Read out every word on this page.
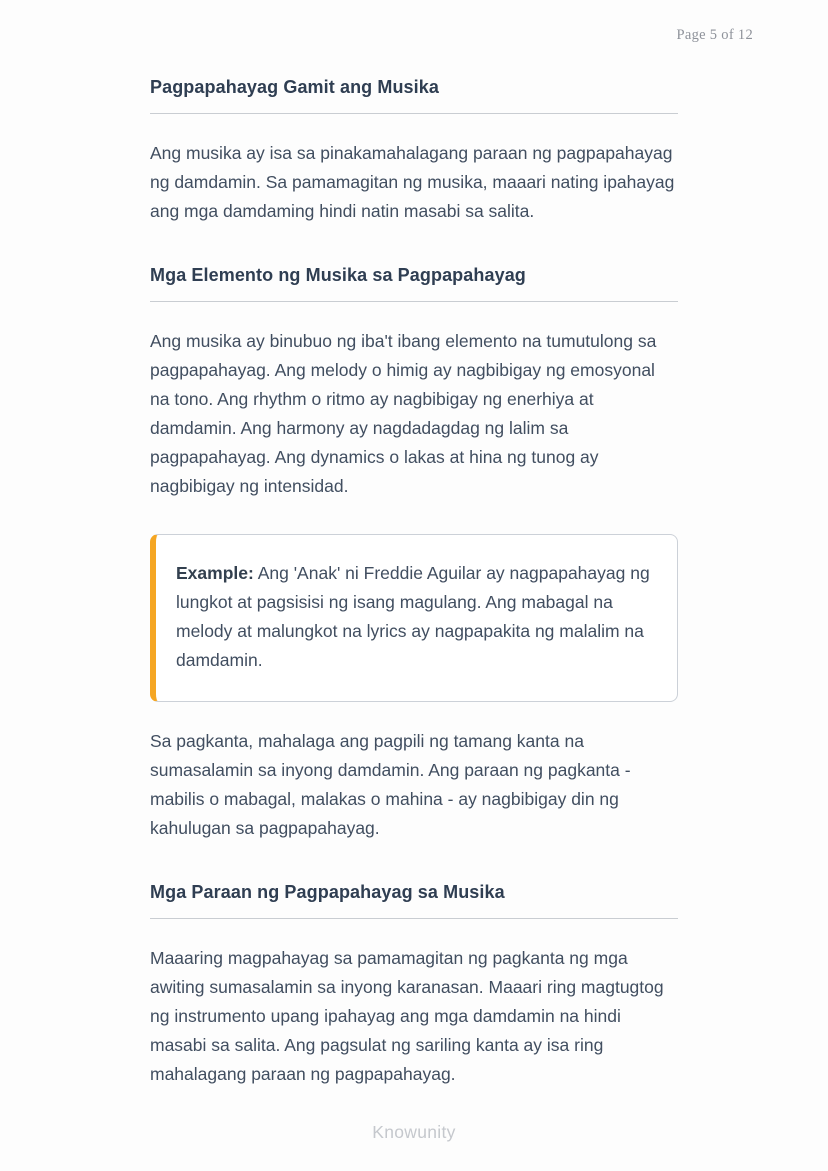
Page 5 of 12
Pagpapahayag Gamit ang Musika

Ang musika ay isa sa pinakamahalagang paraan ng pagpapahayag ng damdamin. Sa pamamagitan ng musika, maaari nating ipahayag ang mga damdaming hindi natin masabi sa salita.

Mga Elemento ng Musika sa Pagpapahayag

Ang musika ay binubuo ng iba't ibang elemento na tumutulong sa pagpapahayag. Ang melody o himig ay nagbibigay ng emosyonal na tono. Ang rhythm o ritmo ay nagbibigay ng enerhiya at damdamin. Ang harmony ay nagdadagdag ng lalim sa pagpapahayag. Ang dynamics o lakas at hina ng tunog ay nagbibigay ng intensidad.

Example: Ang 'Anak' ni Freddie Aguilar ay nagpapahayag ng lungkot at pagsisisi ng isang magulang. Ang mabagal na melody at malungkot na lyrics ay nagpapakita ng malalim na damdamin.

Sa pagkanta, mahalaga ang pagpili ng tamang kanta na sumasalamin sa inyong damdamin. Ang paraan ng pagkanta - mabilis o mabagal, malakas o mahina - ay nagbibigay din ng kahulugan sa pagpapahayag.

Mga Paraan ng Pagpapahayag sa Musika

Maaaring magpahayag sa pamamagitan ng pagkanta ng mga awiting sumasalamin sa inyong karanasan. Maaari ring magtugtog ng instrumento upang ipahayag ang mga damdamin na hindi masabi sa salita. Ang pagsulat ng sariling kanta ay isa ring mahalagang paraan ng pagpapahayag.

Knowunity
